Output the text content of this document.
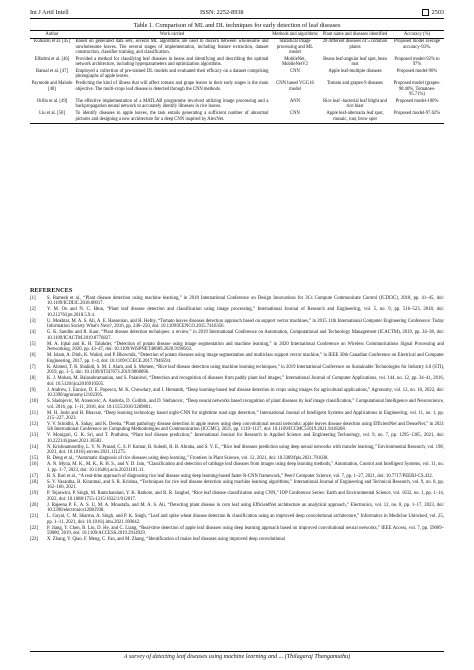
Int J Artif Intell	ISSN: 2252-8938	2503
Table 1. Comparison of ML and DL techniques for early detection of leaf diseases
Author	Work carried	Methods and algorithms	Plant name and diseases identified	Accuracy (%)
Kulkarni et al. [45]	Based on generated data sets, several ML algorithms are used to discern between wholesome and unwholesome leaves. The several stages of implementation, including feature extraction, dataset construction, classifier training, and classification.	Statistical image processing and ML model	20 different diseases of 5 common plants	Proposed model average accuracy-93%.
Elfatimi et al. [46]	Provided a method for classifying leaf diseases in beans and identifying and describing the optimal network architecture, including hyperparameters and optimization algorithms.	MobileNet, MobileNetV2	Beans leaf-angular leaf spot, bean rust	Proposed model-92% to 97%
Bansal et al. [47]	Employed a collection of pre-trained DL models and evaluated their efficacy on a dataset comprising photographs of apple leaves.	CNN	Apple leaf-multiple diseases	Proposed model-90%
Paymode and Malode [48]	Predicting the kind of illness that will affect tomato and grape leaves in their early stages is the main objective. The multi-crops leaf disease is detected through the CNN methods.	CNN based VGG16 model	Tomato and grapes-9 diseases	Proposed model (grapes-98.40%, Tomatoes-95.71%)
Orillo et al. [49]	The effective implementation of a MATLAB programme involved utilizing image processing and a backpropagation neural network to accurately identify illnesses in rice leaves.	ANN	Rice leaf -bacterial leaf blight and rice blast	Proposed model-100%
Liu et al. [50]	To identify diseases in apple leaves, the task entails generating a sufficient number of abnormal pictures and designing a new architecture for a deep CNN inspired by AlexNet.	CNN	Apple leaf-alternaria leaf spot, mosaic, rust, brow spot	Proposed model-97.62%
REFERENCES
[1]	S. Ramesh et al., “Plant disease detection using machine learning,” in 2018 International Conference on Design Innovations for 3Cs Compute Communicate Control (ICDI3C), 2018, pp. 41–45, doi: 10.1109/ICDI3C.2018.00017.
[2]	Y. M. Oo and N. C. Htun, “Plant leaf disease detection and classification using image processing,” International Journal of Research and Engineering, vol. 5, no. 9, pp. 516–523, 2018, doi: 10.21276/ijre.2018.5.9.4.
[3]	U. Mokhtar, M. A. S. Ali, A. E. Hassenian, and H. Hefny, “Tomato leaves diseases detection approach based on support vector machines,” in 2015 11th International Computer Engineering Conference: Today Information Society What's Next?, 2016, pp. 246–250, doi: 10.1109/ICENCO.2015.7416356.
[4]	G. K. Sandhu and R. Kaur, “Plant disease detection techniques: a review,” in 2019 International Conference on Automation, Computational and Technology Management (ICACTM), 2019, pp. 34–38, doi: 10.1109/ICACTM.2019.8776827.
[5]	M. A. Iqbal and K. H. Talukder, “Detection of potato disease using image segmentation and machine learning,” in 2020 International Conference on Wireless Communications Signal Processing and Networking, 2020, pp. 43–47, doi: 10.1109/WiSPNET48689.2020.9198563.
[6]	M. Islam, A. Dinh, K. Wahid, and P. Bhowmik, “Detection of potato diseases using image segmentation and multiclass support vector machine,” in IEEE 30th Canadian Conference on Electrical and Computer Engineering, 2017, pp. 1–4, doi: 10.1109/CCECE.2017.7946594.
[7]	K. Ahmed, T. R. Shahidi, S. M. I. Alam, and S. Momen, “Rice leaf disease detection using machine learning techniques,” in 2019 International Conference on Sustainable Technologies for Industry 4.0 (STI), 2019, pp. 1–5, doi: 10.1109/STI47673.2019.9068096.
[8]	K. J. Mohan, M. Balasubramanian, and S. Palanivel, “Detection and recognition of diseases from paddy plant leaf images,” International Journal of Computer Applications, vol. 144, no. 12, pp. 34–41, 2016, doi: 10.5120/ijca2016910505.
[9]	J. Andrew, J. Eunice, D. E. Popescu, M. K. Chowdary, and J. Hemanth, “Deep learning-based leaf disease detection in crops using images for agricultural applications,” Agronomy, vol. 12, no. 10, 2022, doi: 10.3390/agronomy12102395.
[10]	S. Sladojevic, M. Arsenovic, A. Anderla, D. Culibrk, and D. Stefanovic, “Deep neural networks based recognition of plant diseases by leaf image classification,” Computational Intelligence and Neuroscience, vol. 2016, pp. 1–11, 2016, doi: 10.1155/2016/3289801.
[11]	M. H. Joshi and H. Bhavsar, “Deep learning technology based night-CNN for nighttime road sign detection,” International Journal of Intelligent Systems and Applications in Engineering, vol. 11, no. 1, pp. 215–227, 2023.
[12]	V. V. Srinidhi, A. Sahay, and K. Deeba, “Plant pathology disease detection in apple leaves using deep convolutional neural networks: apple leaves disease detection using EfficientNet and DenseNet,” in 2021 5th International Conference on Computing Methodologies and Communication (ICCMC), 2021, pp. 1119–1127, doi: 10.1109/ICCMC51019.2021.9418268.
[13]	V. Monigari, G. K. Sri, and T. Prathima, “Plant leaf disease prediction,” International Journal for Research in Applied Science and Engineering Technology, vol. 9, no. 7, pp. 1295–1305, 2021, doi: 10.22214/ijraset.2021.36582.
[14]	N. Krishnamoorthy, L. V. N. Prasad, C. S. P. Kumar, B. Subedi, H. B. Abraha, and S. V. E., “Rice leaf diseases prediction using deep neural networks with transfer learning,” Environmental Research, vol. 198, 2021, doi: 10.1016/j.envres.2021.111275.
[15]	R. Deng et al., “Automatic diagnosis of rice diseases using deep learning,” Frontiers in Plant Science, vol. 12, 2021, doi: 10.3389/fpls.2021.701038.
[16]	A. N. Myna, M. K., M. K., R. H. S., and Y. D. Jain, “Classification and detection of cabbage leaf diseases from images using deep learning methods,” Automation, Control and Intelligent Systems, vol. 11, no. 1, pp. 1–7, 2023, doi: 10.11648/j.acis.20231101.11.
[17]	B. S. Bari et al., “A real-time approach of diagnosing rice leaf disease using deep learning-based faster R-CNN framework,” PeerJ Computer Science, vol. 7, pp. 1–27, 2021, doi: 10.7717/PEERJ-CS.432.
[18]	S. V. Vasantha, B. Kiranmai, and S. R. Krishna, “Techniques for rice leaf disease detection using machine learning algorithms,” International Journal of Engineering and Technical Research, vol. 9, no. 8, pp. 162–166, 2021.
[19]	P. Tejaswini, P. Singh, M. Ramchandani, Y. K. Rathore, and R. R. Janghel, “Rice leaf disease classification using CNN,” IOP Conference Series: Earth and Environmental Science, vol. 1032, no. 1, pp. 1–14, 2022, doi: 10.1088/1755-1315/1032/1/012017.
[20]	J. Rajeena P. F., A. S. U, M. A. Moustafa, and M. A. S. Ali, “Detecting plant disease in corn leaf using EfficientNet architecture an analytical approach,” Electronics, vol. 12, no. 8, pp. 1–17, 2023, doi: 10.3390/electronics12081938.
[21]	L. Goyal, C. M. Sharma, A. Singh, and P. K. Singh, “Leaf and spike wheat disease detection & classification using an improved deep convolutional architecture,” Informatics in Medicine Unlocked, vol. 25, pp. 1–11, 2021, doi: 10.1016/j.imu.2021.100642.
[22]	P. Jiang, Y. Chen, B. Liu, D. He, and C. Liang, “Real-time detection of apple leaf diseases using deep learning approach based on improved convolutional neural networks,” IEEE Access, vol. 7, pp. 59069–59080, 2019, doi: 10.1109/ACCESS.2019.2914929.
[23]	X. Zhang, Y. Qiao, F. Meng, C. Fan, and M. Zhang, “Identification of maize leaf diseases using improved deep convolutional
A survey of detecting leaf diseases using machine learning and ... (Thilagaraj Thangamuthu)
